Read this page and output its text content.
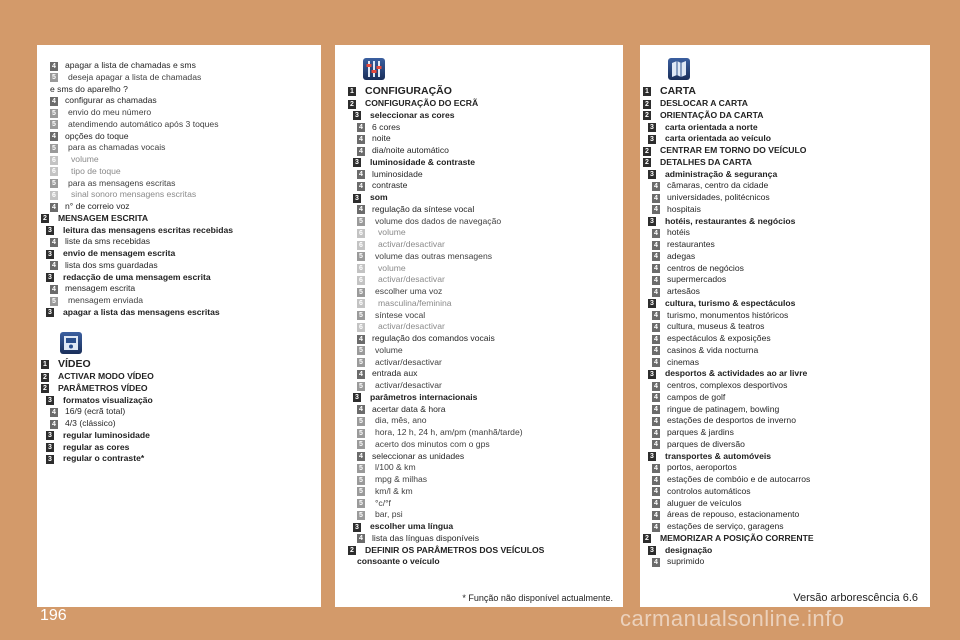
4 apagar a lista de chamadas e sms
5 deseja apagar a lista de chamadas
e sms do aparelho ?
4 configurar as chamadas
5 envio do meu número
5 atendimendo automático após 3 toques
4 opções do toque
5 para as chamadas vocais
6 volume
6 tipo de toque
5 para as mensagens escritas
6 sinal sonoro mensagens escritas
4 n° de correio voz
2 MENSAGEM ESCRITA
3 leitura das mensagens escritas recebidas
4 liste da sms recebidas
3 envio de mensagem escrita
4 lista dos sms guardadas
3 redacção de uma mensagem escrita
4 mensagem escrita
5 mensagem enviada
3 apagar a lista das mensagens escritas
1 VÍDEO
2 ACTIVAR MODO VÍDEO
2 PARÂMETROS VÍDEO
3 formatos visualização
4 16/9 (ecrã total)
4 4/3 (clássico)
3 regular luminosidade
3 regular as cores
3 regular o contraste*
1 CONFIGURAÇÃO
2 CONFIGURAÇÃO DO ECRÃ
3 seleccionar as cores
4 6 cores
4 noite
4 dia/noite automático
3 luminosidade & contraste
4 luminosidade
4 contraste
3 som
4 regulação da síntese vocal
5 volume dos dados de navegação
6 volume
6 activar/desactivar
5 volume das outras mensagens
6 volume
6 activar/desactivar
5 escolher uma voz
6 masculina/feminina
5 síntese vocal
6 activar/desactivar
4 regulação dos comandos vocais
5 volume
5 activar/desactivar
4 entrada aux
5 activar/desactivar
3 parâmetros internacionais
4 acertar data & hora
5 dia, mês, ano
5 hora, 12 h, 24 h, am/pm (manhã/tarde)
5 acerto dos minutos com o gps
4 seleccionar as unidades
5 l/100 & km
5 mpg & milhas
5 km/l & km
5 °c/°f
5 bar, psi
3 escolher uma língua
4 lista das línguas disponíveis
2 DEFINIR OS PARÂMETROS DOS VEÍCULOS
consoante o veículo
1 CARTA
2 DESLOCAR A CARTA
2 ORIENTAÇÃO DA CARTA
3 carta orientada a norte
3 carta orientada ao veículo
2 CENTRAR EM TORNO DO VEÍCULO
2 DETALHES DA CARTA
3 administração & segurança
4 câmaras, centro da cidade
4 universidades, politécnicos
4 hospitais
3 hotéis, restaurantes & negócios
4 hotéis
4 restaurantes
4 adegas
4 centros de negócios
4 supermercados
4 artesãos
3 cultura, turismo & espectáculos
4 turismo, monumentos históricos
4 cultura, museus & teatros
4 espectáculos & exposições
4 casinos & vida nocturna
4 cinemas
3 desportos & actividades ao ar livre
4 centros, complexos desportivos
4 campos de golf
4 ringue de patinagem, bowling
4 estações de desportos de inverno
4 parques & jardins
4 parques de diversão
3 transportes & automóveis
4 portos, aeroportos
4 estações de combóio e de autocarros
4 controlos automáticos
4 aluguer de veículos
4 áreas de repouso, estacionamento
4 estações de serviço, garagens
2 MEMORIZAR A POSIÇÃO CORRENTE
3 designação
4 suprimido
* Função não disponível actualmente.	Versão arborescência 6.6
196	carmanualsonline.info
